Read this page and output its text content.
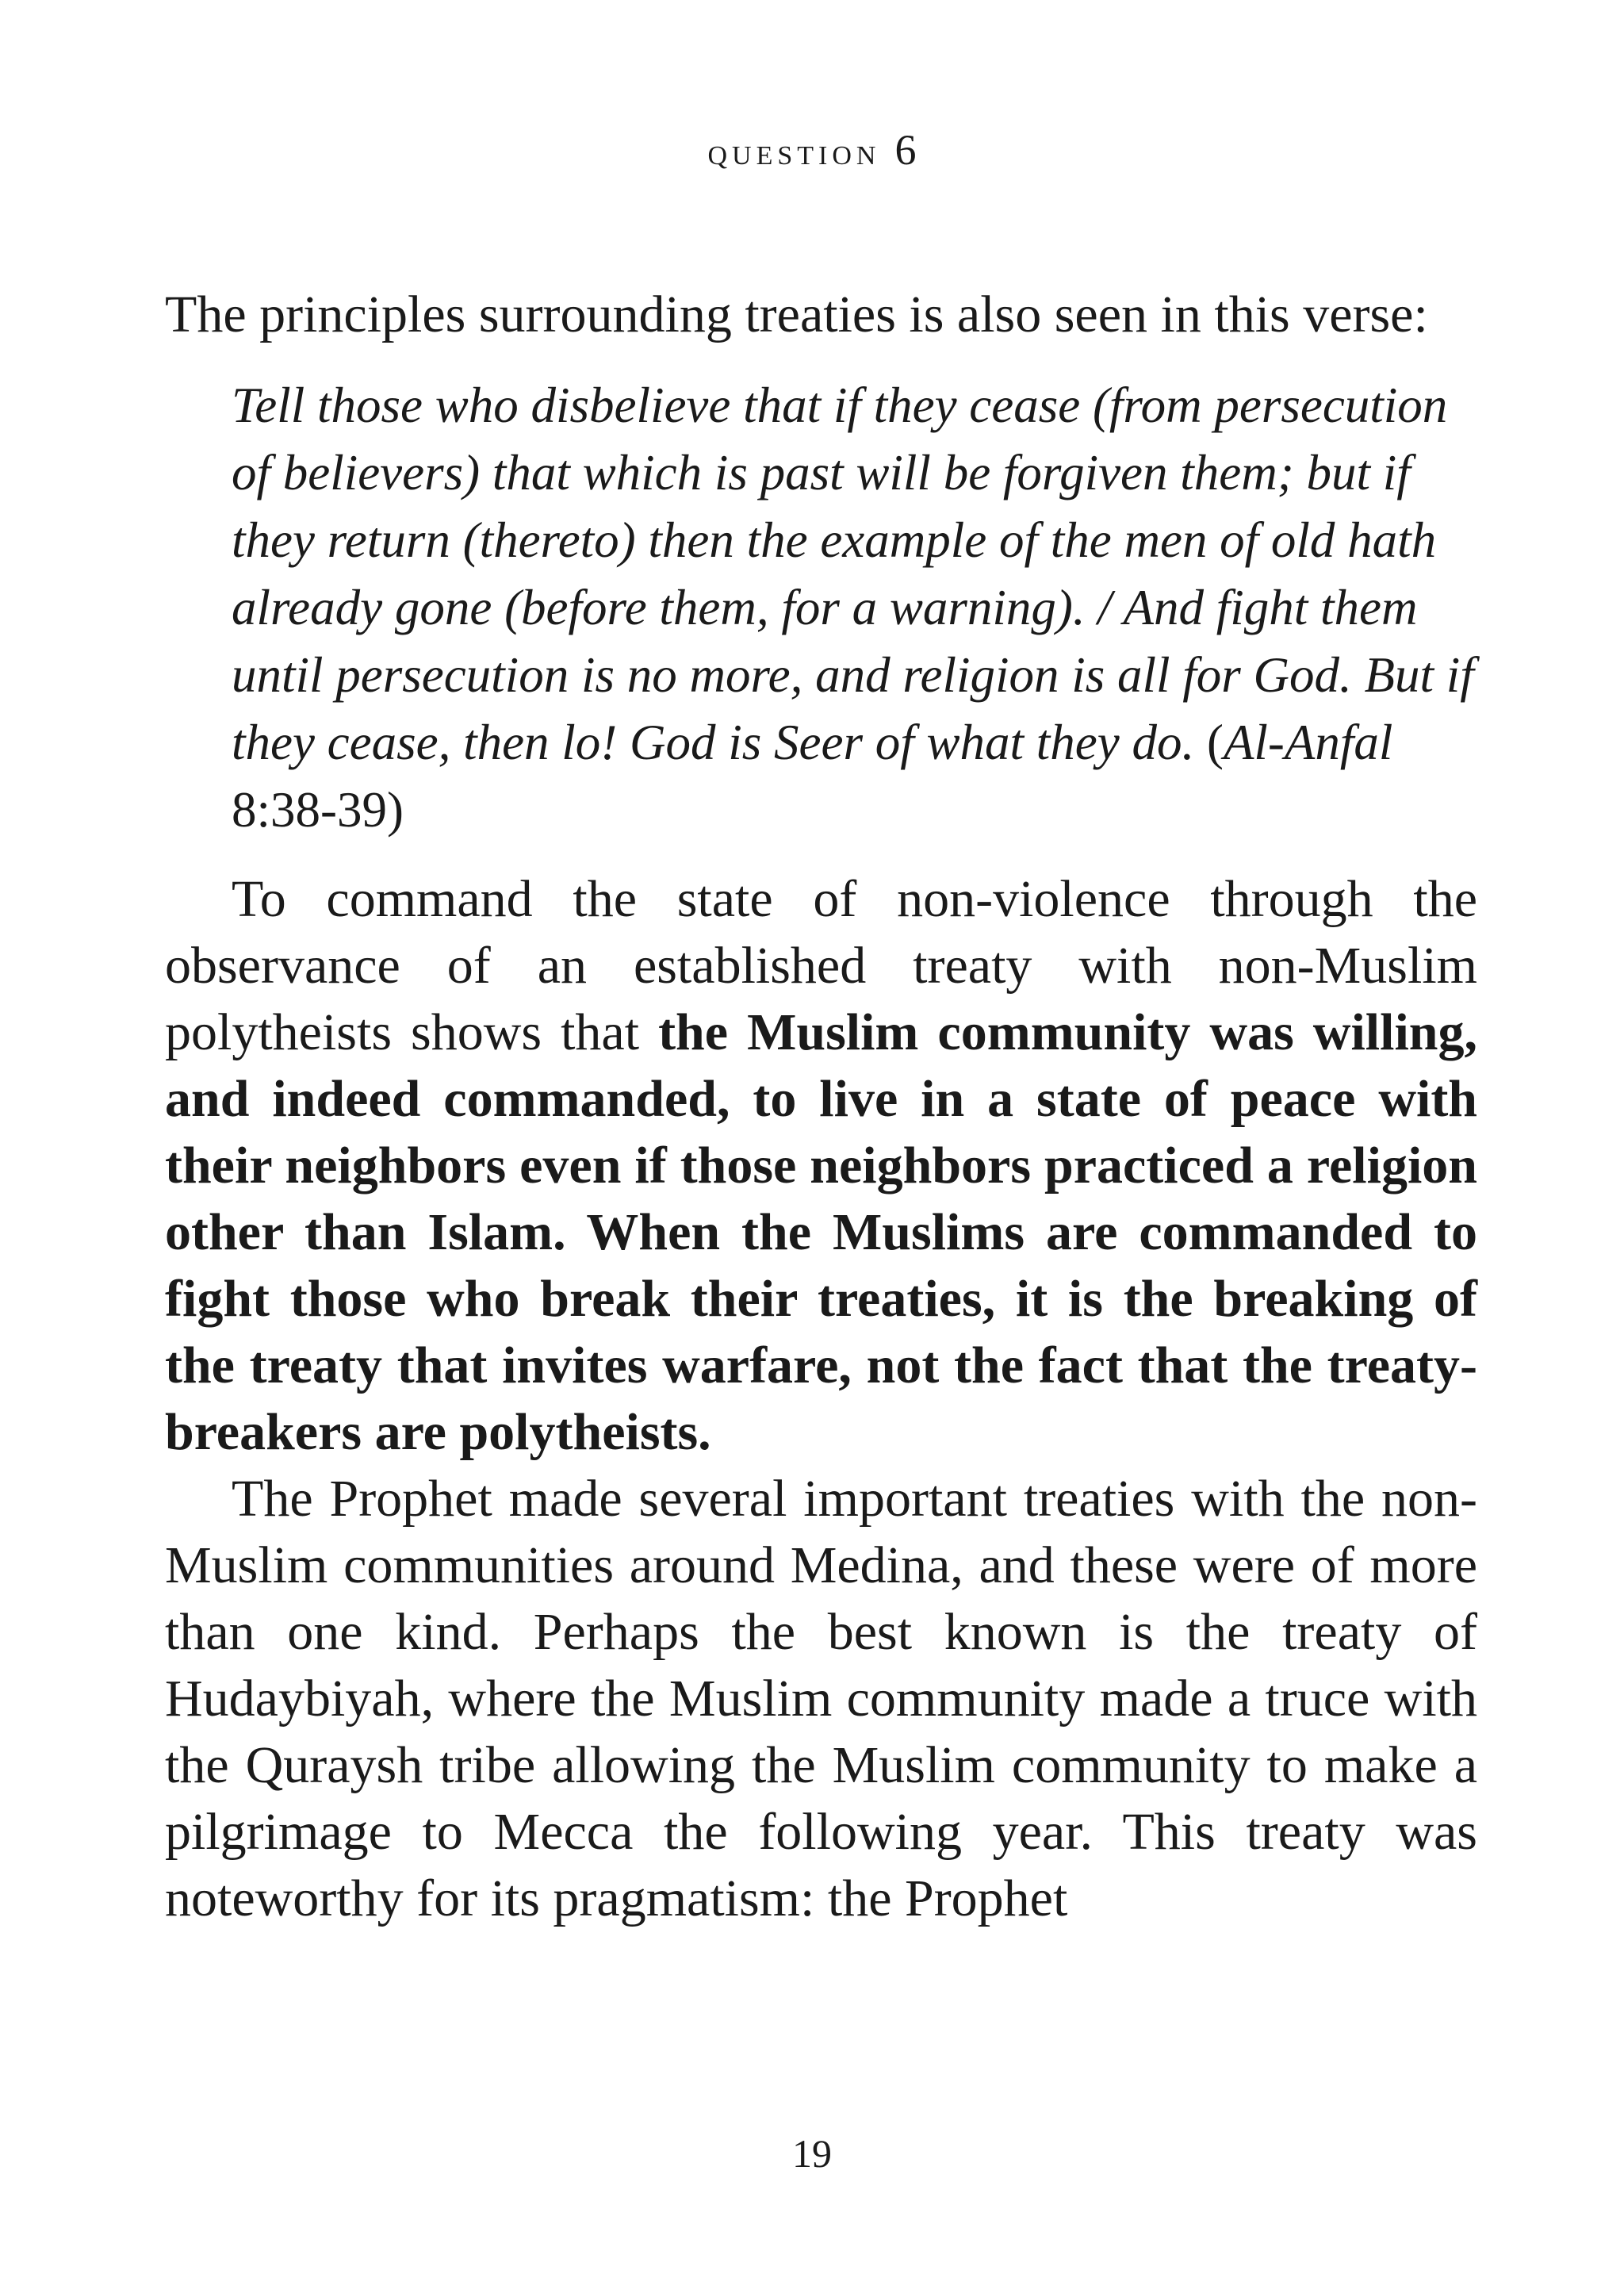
question 6

The principles surrounding treaties is also seen in this verse:

Tell those who disbelieve that if they cease (from persecution of believers) that which is past will be forgiven them; but if they return (thereto) then the example of the men of old hath already gone (before them, for a warning). / And fight them until persecution is no more, and religion is all for God. But if they cease, then lo! God is Seer of what they do. (Al-Anfal 8:38-39)

To command the state of non-violence through the observance of an established treaty with non-Muslim polytheists shows that the Muslim community was willing, and indeed commanded, to live in a state of peace with their neighbors even if those neighbors practiced a religion other than Islam. When the Muslims are commanded to fight those who break their treaties, it is the breaking of the treaty that invites warfare, not the fact that the treaty-breakers are polytheists.

The Prophet made several important treaties with the non-Muslim communities around Medina, and these were of more than one kind. Perhaps the best known is the treaty of Hudaybiyah, where the Muslim community made a truce with the Quraysh tribe allowing the Muslim community to make a pilgrimage to Mecca the following year. This treaty was noteworthy for its pragmatism: the Prophet

19
